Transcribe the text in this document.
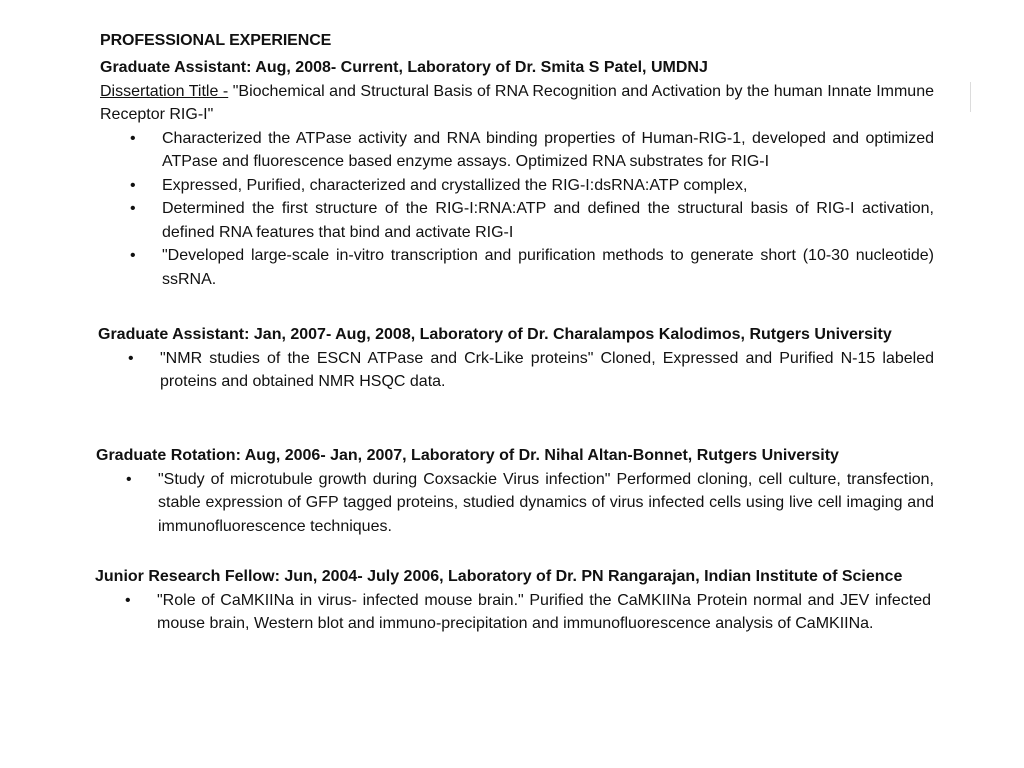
PROFESSIONAL EXPERIENCE
Graduate Assistant: Aug, 2008- Current, Laboratory of Dr. Smita S Patel, UMDNJ
Dissertation Title - "Biochemical and Structural Basis of RNA Recognition and Activation by the human Innate Immune Receptor RIG-I"
• Characterized the ATPase activity and RNA binding properties of Human-RIG-1, developed and optimized ATPase and fluorescence based enzyme assays. Optimized RNA substrates for RIG-I
• Expressed, Purified, characterized and crystallized the RIG-I:dsRNA:ATP complex,
• Determined the first structure of the RIG-I:RNA:ATP and defined the structural basis of RIG-I activation, defined RNA features that bind and activate RIG-I
• "Developed large-scale in-vitro transcription and purification methods to generate short (10-30 nucleotide) ssRNA.
Graduate Assistant: Jan, 2007- Aug, 2008, Laboratory of Dr. Charalampos Kalodimos, Rutgers University
• "NMR studies of the ESCN ATPase and Crk-Like proteins" Cloned, Expressed and Purified N-15 labeled proteins and obtained NMR HSQC data.
Graduate Rotation: Aug, 2006- Jan, 2007, Laboratory of Dr. Nihal Altan-Bonnet, Rutgers University
• "Study of microtubule growth during Coxsackie Virus infection" Performed cloning, cell culture, transfection, stable expression of GFP tagged proteins, studied dynamics of virus infected cells using live cell imaging and immunofluorescence techniques.
Junior Research Fellow: Jun, 2004- July 2006, Laboratory of Dr. PN Rangarajan, Indian Institute of Science
• "Role of CaMKIINa in virus- infected mouse brain." Purified the CaMKIINa Protein normal and JEV infected mouse brain, Western blot and immuno-precipitation and immunofluorescence analysis of CaMKIINa.
